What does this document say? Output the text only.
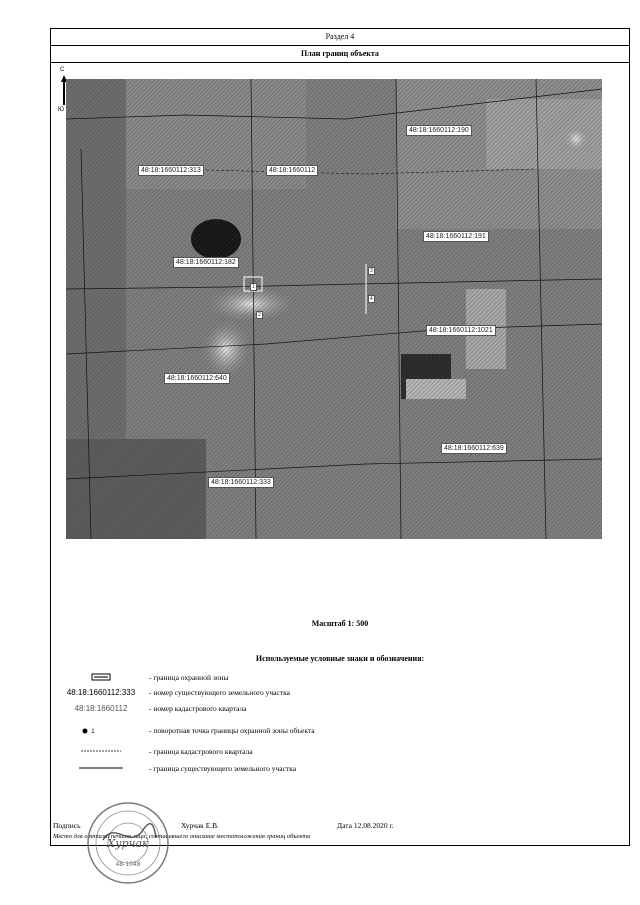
Раздел 4
План границ объекта
С
Ю
48:18:1660112:190
48:18:1660112:313	48:18:1660112
48:18:1660112:191
48:18:1660112:182
48:18:1660112:1021
48:18:1660112:640
48:18:1660112:639
48:18:1660112:333
1
2
3
4
Масштаб 1: 500
Используемые условные знаки и обозначения:
- граница охранной зоны
48:18:1660112:333	- номер существующего земельного участка
48:18:1660112	- номер кадастрового квартала
1	- поворотная точка границы охранной зоны объекта
- граница кадастрового квартала
- граница существующего земельного участка
Подпись	Хурчак Е.В.	Дата 12.08.2020 г.
Место для оттиска печати лица, составившего описание местоположения границ объекта
Хурчак
48-1048
